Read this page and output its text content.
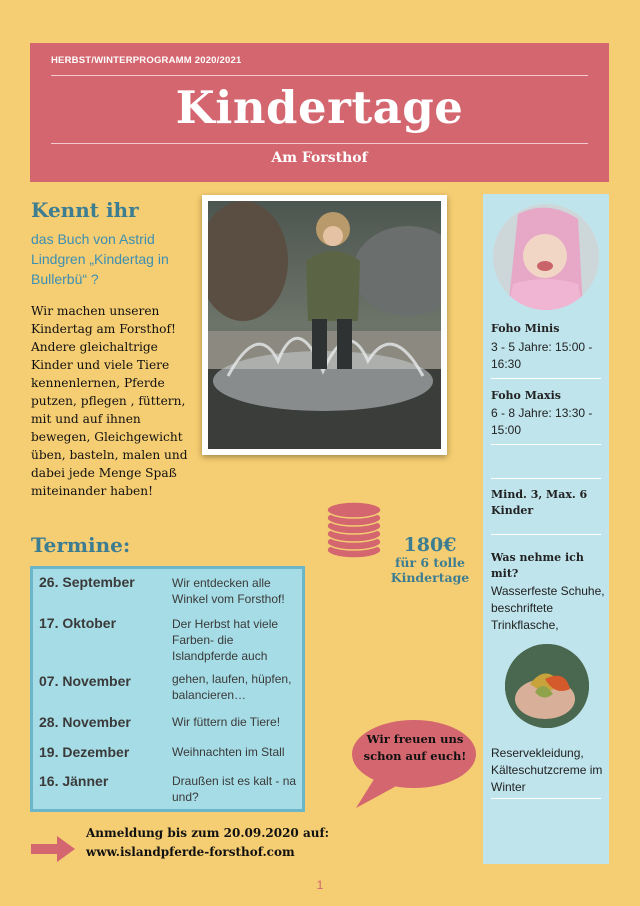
HERBST/WINTERPROGRAMM 2020/2021
Kindertage
Am Forsthof
Kennt ihr
das Buch von Astrid Lindgren „Kindertag in Bullerbü“ ?
Wir machen unseren Kindertag am Forsthof! Andere gleichaltrige Kinder und viele Tiere kennenlernen, Pferde putzen, pflegen , füttern, mit und auf ihnen bewegen, Gleichgewicht üben, basteln, malen und dabei jede Menge Spaß miteinander haben!
Foho Minis
3 - 5 Jahre: 15:00 - 16:30
Foho Maxis
6 - 8 Jahre: 13:30 - 15:00
Mind. 3, Max. 6 Kinder
Was nehme ich mit?
Wasserfeste Schuhe, beschriftete Trinkflasche,
Reservekleidung, Kälteschutzcreme im Winter
180€
für 6 tolle
Kindertage
Termine:
26. September	Wir entdecken alle Winkel vom Forsthof!
17. Oktober	Der Herbst hat viele Farben- die Islandpferde auch
07. November	gehen, laufen, hüpfen, balancieren…
28. November	Wir füttern die Tiere!
19. Dezember	Weihnachten im Stall
16. Jänner	Draußen ist es kalt - na und?
Wir freuen uns
schon auf euch!
Anmeldung bis zum 20.09.2020 auf:
www.islandpferde-forsthof.com
1
